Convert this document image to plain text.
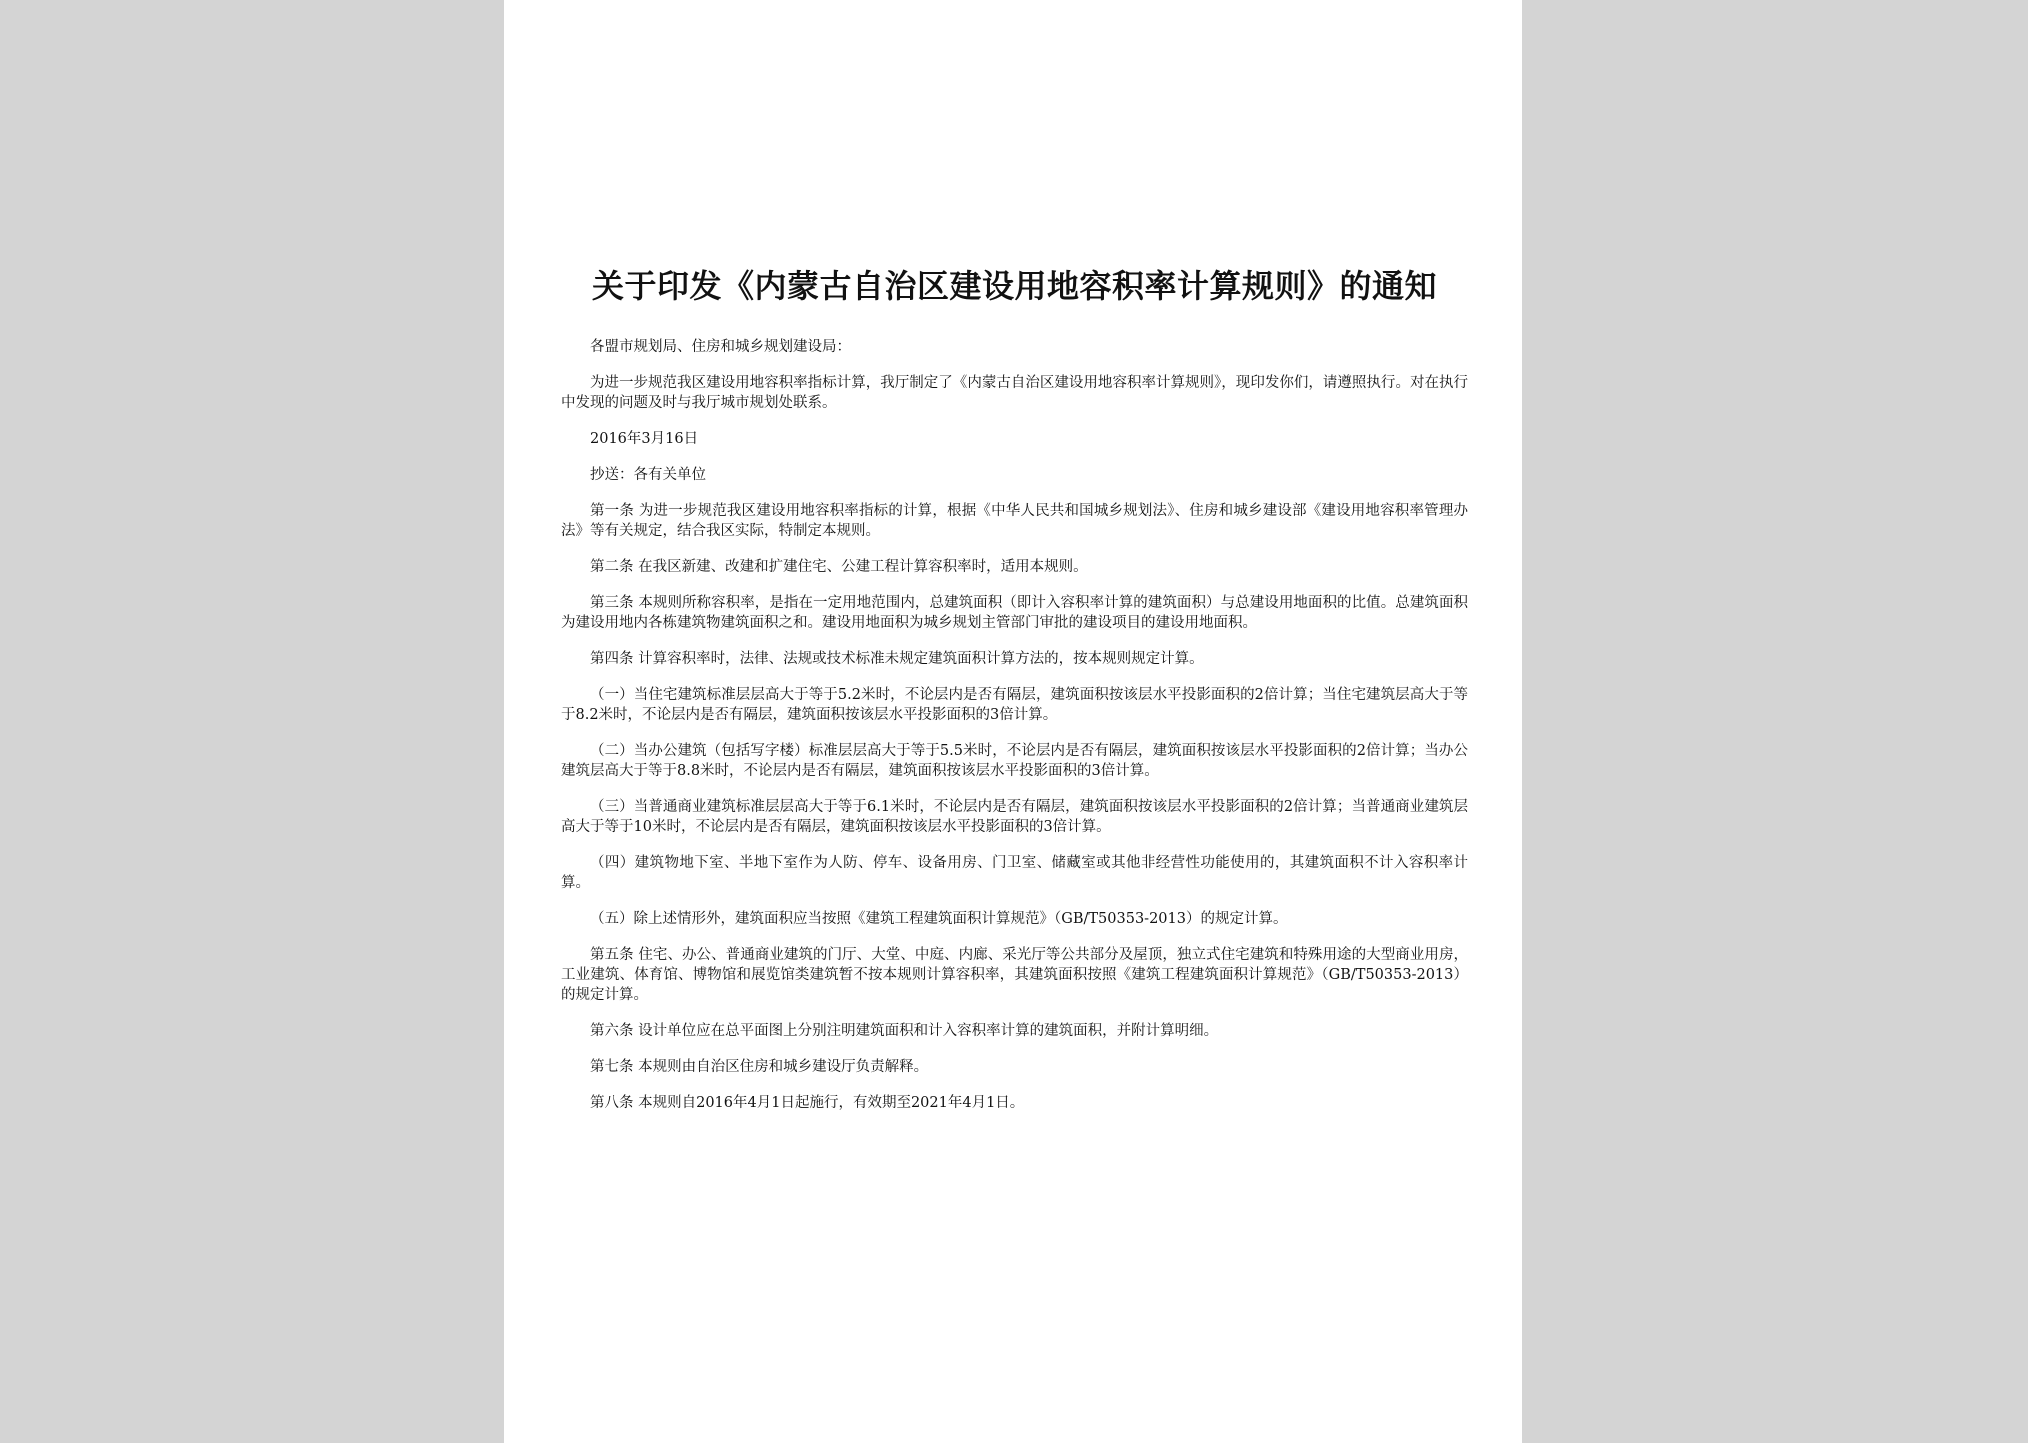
关于印发《内蒙古自治区建设用地容积率计算规则》的通知

各盟市规划局、住房和城乡规划建设局：

为进一步规范我区建设用地容积率指标计算，我厅制定了《内蒙古自治区建设用地容积率计算规则》，现印发你们，请遵照执行。对在执行中发现的问题及时与我厅城市规划处联系。

2016年3月16日

抄送：各有关单位

第一条 为进一步规范我区建设用地容积率指标的计算，根据《中华人民共和国城乡规划法》、住房和城乡建设部《建设用地容积率管理办法》等有关规定，结合我区实际，特制定本规则。

第二条 在我区新建、改建和扩建住宅、公建工程计算容积率时，适用本规则。

第三条 本规则所称容积率，是指在一定用地范围内，总建筑面积（即计入容积率计算的建筑面积）与总建设用地面积的比值。总建筑面积为建设用地内各栋建筑物建筑面积之和。建设用地面积为城乡规划主管部门审批的建设项目的建设用地面积。

第四条 计算容积率时，法律、法规或技术标准未规定建筑面积计算方法的，按本规则规定计算。

（一）当住宅建筑标准层层高大于等于5.2米时，不论层内是否有隔层，建筑面积按该层水平投影面积的2倍计算；当住宅建筑层高大于等于8.2米时，不论层内是否有隔层，建筑面积按该层水平投影面积的3倍计算。

（二）当办公建筑（包括写字楼）标准层层高大于等于5.5米时，不论层内是否有隔层，建筑面积按该层水平投影面积的2倍计算；当办公建筑层高大于等于8.8米时，不论层内是否有隔层，建筑面积按该层水平投影面积的3倍计算。

（三）当普通商业建筑标准层层高大于等于6.1米时，不论层内是否有隔层，建筑面积按该层水平投影面积的2倍计算；当普通商业建筑层高大于等于10米时，不论层内是否有隔层，建筑面积按该层水平投影面积的3倍计算。

（四）建筑物地下室、半地下室作为人防、停车、设备用房、门卫室、储藏室或其他非经营性功能使用的，其建筑面积不计入容积率计算。

（五）除上述情形外，建筑面积应当按照《建筑工程建筑面积计算规范》（GB/T50353-2013）的规定计算。

第五条 住宅、办公、普通商业建筑的门厅、大堂、中庭、内廊、采光厅等公共部分及屋顶，独立式住宅建筑和特殊用途的大型商业用房，工业建筑、体育馆、博物馆和展览馆类建筑暂不按本规则计算容积率，其建筑面积按照《建筑工程建筑面积计算规范》（GB/T50353-2013）的规定计算。

第六条 设计单位应在总平面图上分别注明建筑面积和计入容积率计算的建筑面积，并附计算明细。

第七条 本规则由自治区住房和城乡建设厅负责解释。

第八条 本规则自2016年4月1日起施行，有效期至2021年4月1日。
